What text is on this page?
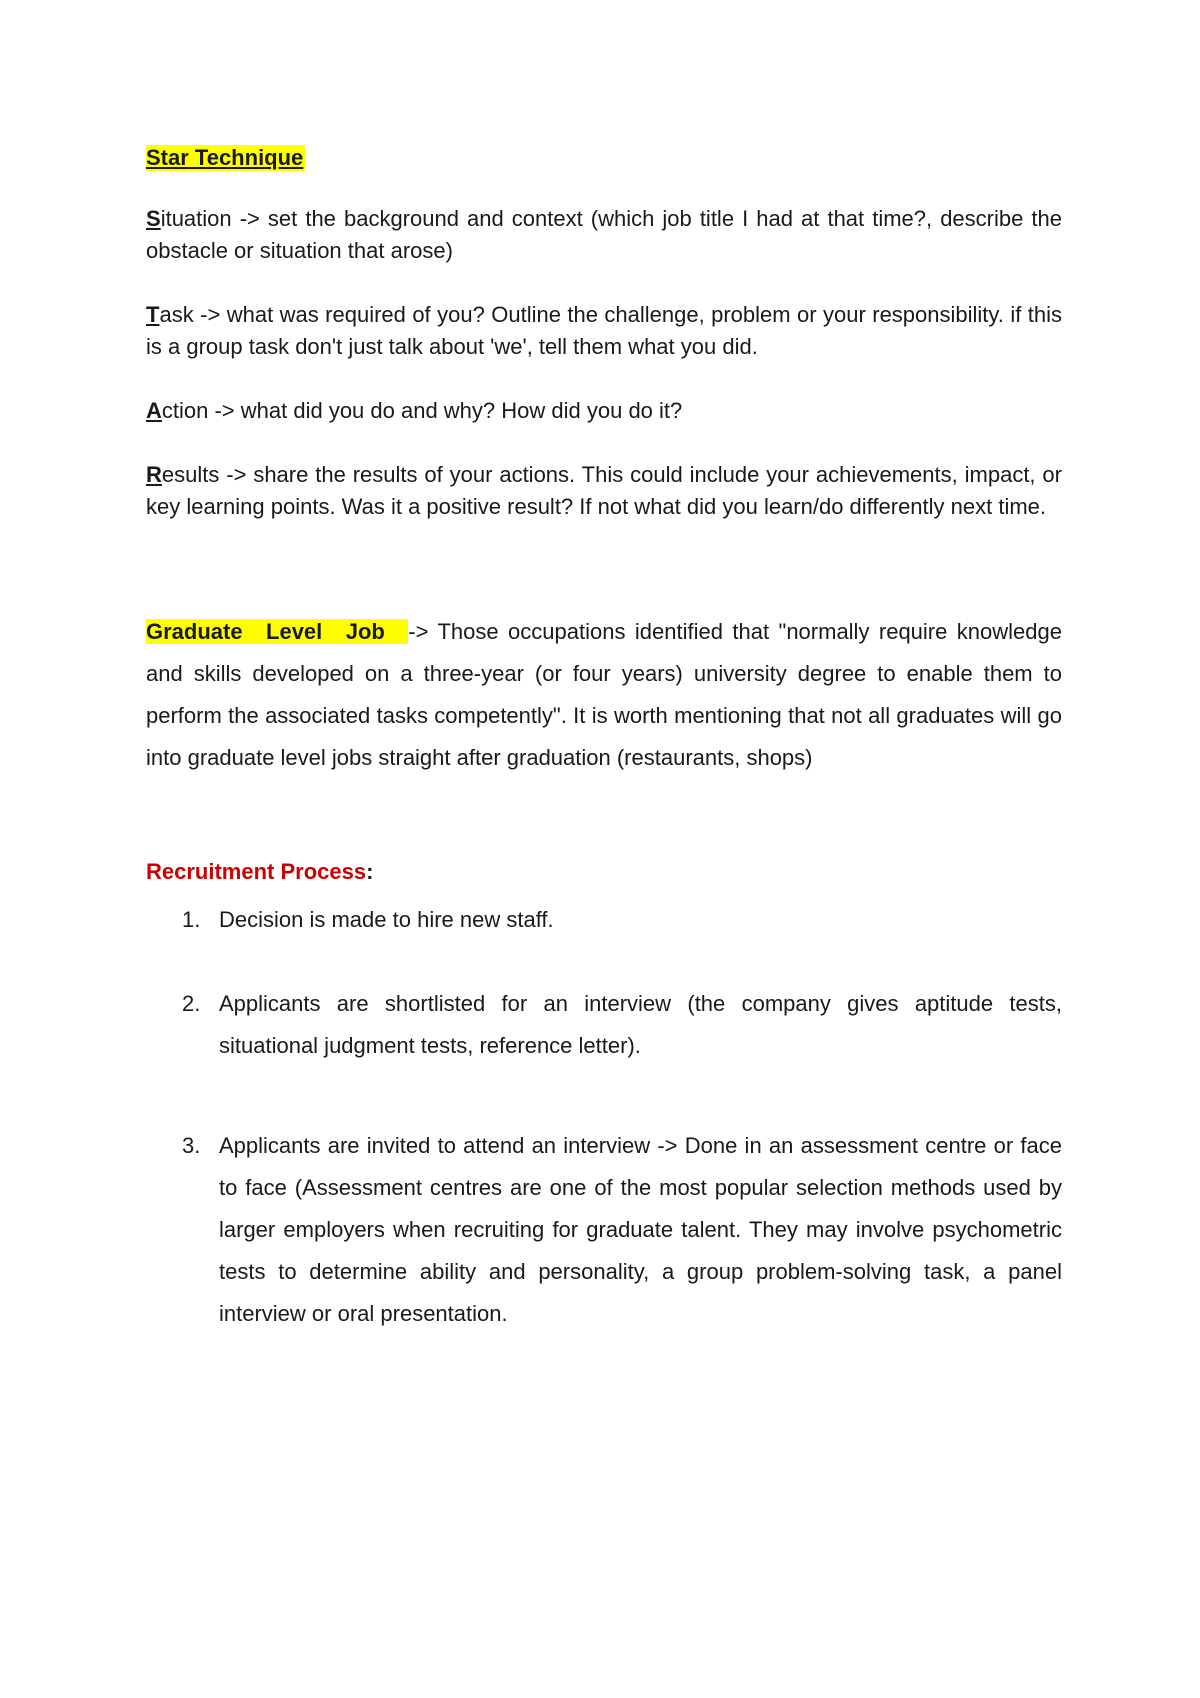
Star Technique

Situation -> set the background and context (which job title I had at that time?, describe the obstacle or situation that arose)

Task -> what was required of you? Outline the challenge, problem or your responsibility. if this is a group task don't just talk about 'we', tell them what you did.

Action -> what did you do and why? How did you do it?

Results -> share the results of your actions. This could include your achievements, impact, or key learning points. Was it a positive result? If not what did you learn/do differently next time.

Graduate Level Job -> Those occupations identified that "normally require knowledge and skills developed on a three-year (or four years) university degree to enable them to perform the associated tasks competently". It is worth mentioning that not all graduates will go into graduate level jobs straight after graduation (restaurants, shops)

Recruitment Process:
1. Decision is made to hire new staff.
2. Applicants are shortlisted for an interview (the company gives aptitude tests, situational judgment tests, reference letter).
3. Applicants are invited to attend an interview -> Done in an assessment centre or face to face (Assessment centres are one of the most popular selection methods used by larger employers when recruiting for graduate talent. They may involve psychometric tests to determine ability and personality, a group problem-solving task, a panel interview or oral presentation.
